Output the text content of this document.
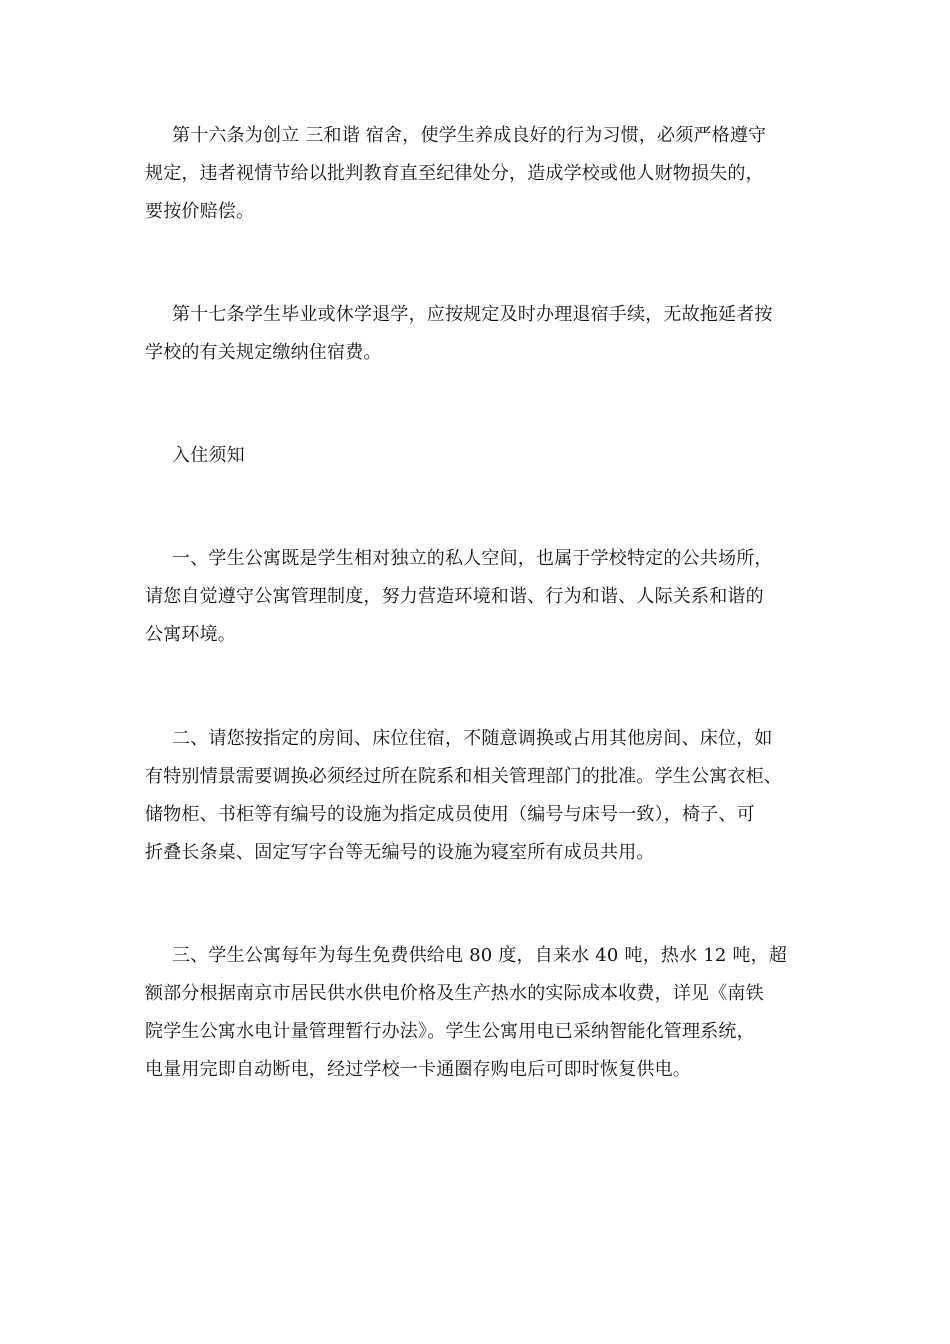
第十六条为创立 三和谐 宿舍，使学生养成良好的行为习惯，必须严格遵守
规定，违者视情节给以批判教育直至纪律处分，造成学校或他人财物损失的，
要按价赔偿。
第十七条学生毕业或休学退学，应按规定及时办理退宿手续，无故拖延者按
学校的有关规定缴纳住宿费。
入住须知
一、学生公寓既是学生相对独立的私人空间，也属于学校特定的公共场所，
请您自觉遵守公寓管理制度，努力营造环境和谐、行为和谐、人际关系和谐的
公寓环境。
二、请您按指定的房间、床位住宿，不随意调换或占用其他房间、床位，如
有特别情景需要调换必须经过所在院系和相关管理部门的批准。学生公寓衣柜、
储物柜、书柜等有编号的设施为指定成员使用（编号与床号一致），椅子、可
折叠长条桌、固定写字台等无编号的设施为寝室所有成员共用。
三、学生公寓每年为每生免费供给电 80 度，自来水 40 吨，热水 12 吨，超
额部分根据南京市居民供水供电价格及生产热水的实际成本收费，详见《南铁
院学生公寓水电计量管理暂行办法》。学生公寓用电已采纳智能化管理系统，
电量用完即自动断电，经过学校一卡通圈存购电后可即时恢复供电。
